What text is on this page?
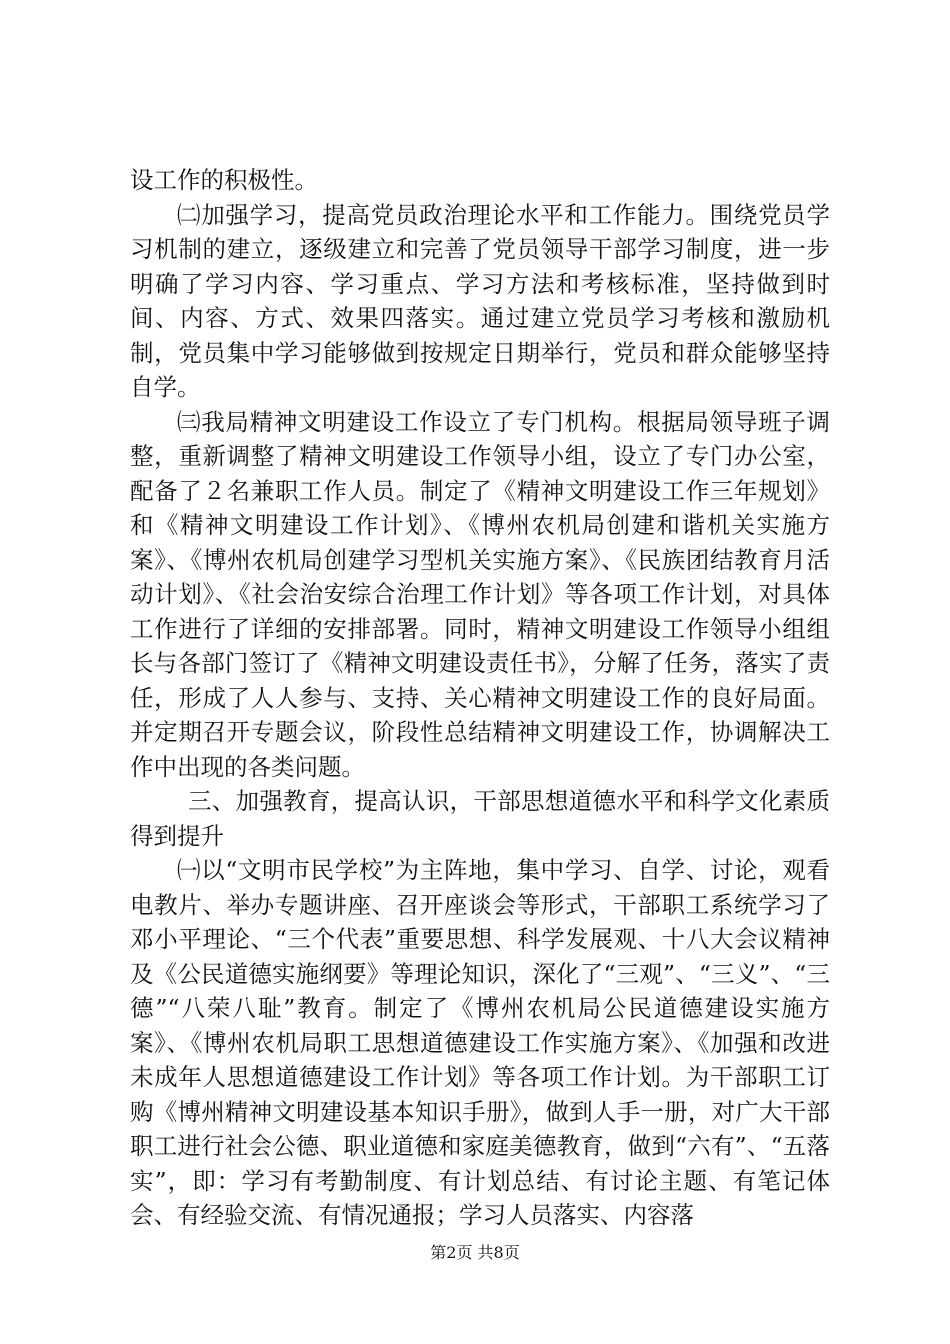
设工作的积极性。

㈡加强学习，提高党员政治理论水平和工作能力。围绕党员学习机制的建立，逐级建立和完善了党员领导干部学习制度，进一步明确了学习内容、学习重点、学习方法和考核标准，坚持做到时间、内容、方式、效果四落实。通过建立党员学习考核和激励机制，党员集中学习能够做到按规定日期举行，党员和群众能够坚持自学。

㈢我局精神文明建设工作设立了专门机构。根据局领导班子调整，重新调整了精神文明建设工作领导小组，设立了专门办公室，配备了２名兼职工作人员。制定了《精神文明建设工作三年规划》和《精神文明建设工作计划》、《博州农机局创建和谐机关实施方案》、《博州农机局创建学习型机关实施方案》、《民族团结教育月活动计划》、《社会治安综合治理工作计划》等各项工作计划，对具体工作进行了详细的安排部署。同时，精神文明建设工作领导小组组长与各部门签订了《精神文明建设责任书》，分解了任务，落实了责任，形成了人人参与、支持、关心精神文明建设工作的良好局面。并定期召开专题会议，阶段性总结精神文明建设工作，协调解决工作中出现的各类问题。

三、加强教育，提高认识，干部思想道德水平和科学文化素质得到提升

㈠以“文明市民学校”为主阵地，集中学习、自学、讨论，观看电教片、举办专题讲座、召开座谈会等形式，干部职工系统学习了邓小平理论、“三个代表”重要思想、科学发展观、十八大会议精神及《公民道德实施纲要》等理论知识，深化了“三观”、“三义”、“三德”“八荣八耻”教育。制定了《博州农机局公民道德建设实施方案》、《博州农机局职工思想道德建设工作实施方案》、《加强和改进未成年人思想道德建设工作计划》等各项工作计划。为干部职工订购《博州精神文明建设基本知识手册》，做到人手一册，对广大干部职工进行社会公德、职业道德和家庭美德教育，做到“六有”、“五落实”，即：学习有考勤制度、有计划总结、有讨论主题、有笔记体会、有经验交流、有情况通报；学习人员落实、内容落

第2页 共8页
